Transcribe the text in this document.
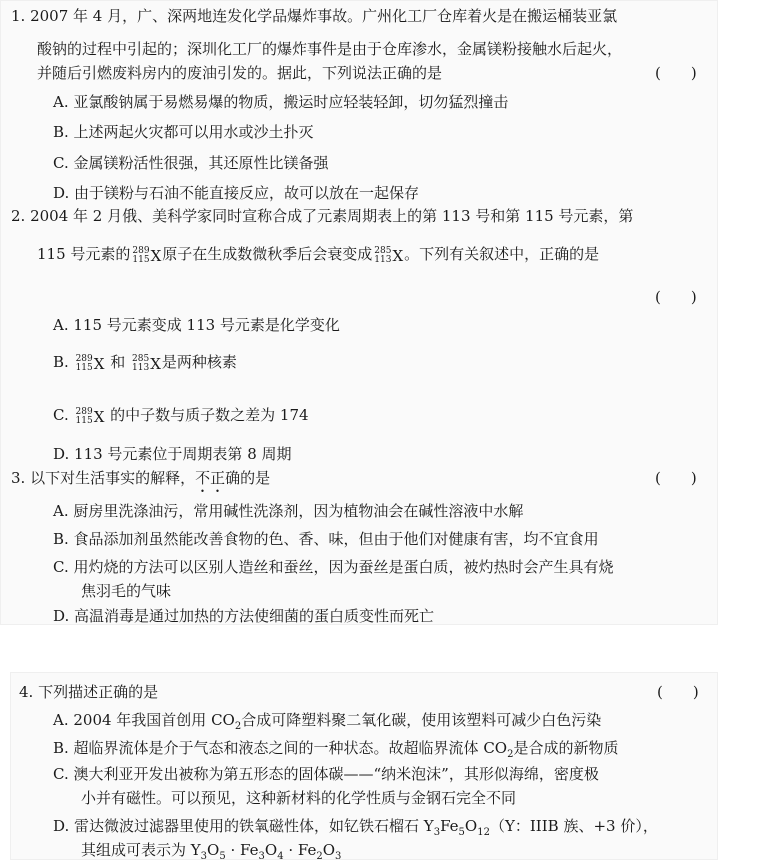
1. 2007 年 4 月，广、深两地连发化学品爆炸事故。广州化工厂仓库着火是在搬运桶装亚氯
酸钠的过程中引起的；深圳化工厂的爆炸事件是由于仓库渗水，金属镁粉接触水后起火，
并随后引燃废料房内的废油引发的。据此，下列说法正确的是	(　　)
A. 亚氯酸钠属于易燃易爆的物质，搬运时应轻装轻卸，切勿猛烈撞击
B. 上述两起火灾都可以用水或沙土扑灭
C. 金属镁粉活性很强，其还原性比镁备强
D. 由于镁粉与石油不能直接反应，故可以放在一起保存
2. 2004 年 2 月俄、美科学家同时宣称合成了元素周期表上的第 113 号和第 115 号元素，第
115 号元素的 289
115 X原子在生成数微秋季后会衰变成 285
113 X。下列有关叙述中，正确的是
(　　)
A. 115 号元素变成 113 号元素是化学变化
B. 289
115 X 和 285
113 X是两种核素
C. 289
115 X 的中子数与质子数之差为 174
D. 113 号元素位于周期表第 8 周期
3. 以下对生活事实的解释，不正确的是	(　　)
A. 厨房里洗涤油污，常用碱性洗涤剂，因为植物油会在碱性溶液中水解
B. 食品添加剂虽然能改善食物的色、香、味，但由于他们对健康有害，均不宜食用
C. 用灼烧的方法可以区别人造丝和蚕丝，因为蚕丝是蛋白质，被灼热时会产生具有烧
焦羽毛的气味
D. 高温消毒是通过加热的方法使细菌的蛋白质变性而死亡
4. 下列描述正确的是	(　　)
A. 2004 年我国首创用 $CO_2$合成可降塑料聚二氧化碳，使用该塑料可减少白色污染
B. 超临界流体是介于气态和液态之间的一种状态。故超临界流体 $CO_2$是合成的新物质
C. 澳大利亚开发出被称为第五形态的固体碳——“纳米泡沫”，其形似海绵，密度极
小并有磁性。可以预见，这种新材料的化学性质与金钢石完全不同
D. 雷达微波过滤器里使用的铁氧磁性体，如钇铁石榴石 $Y_3Fe_5O_{12}(Y$：IIIB 族、+3 价），
其组成可表示为 $Y_3O_5 \cdot Fe_3O_4 \cdot Fe_2O_3$
